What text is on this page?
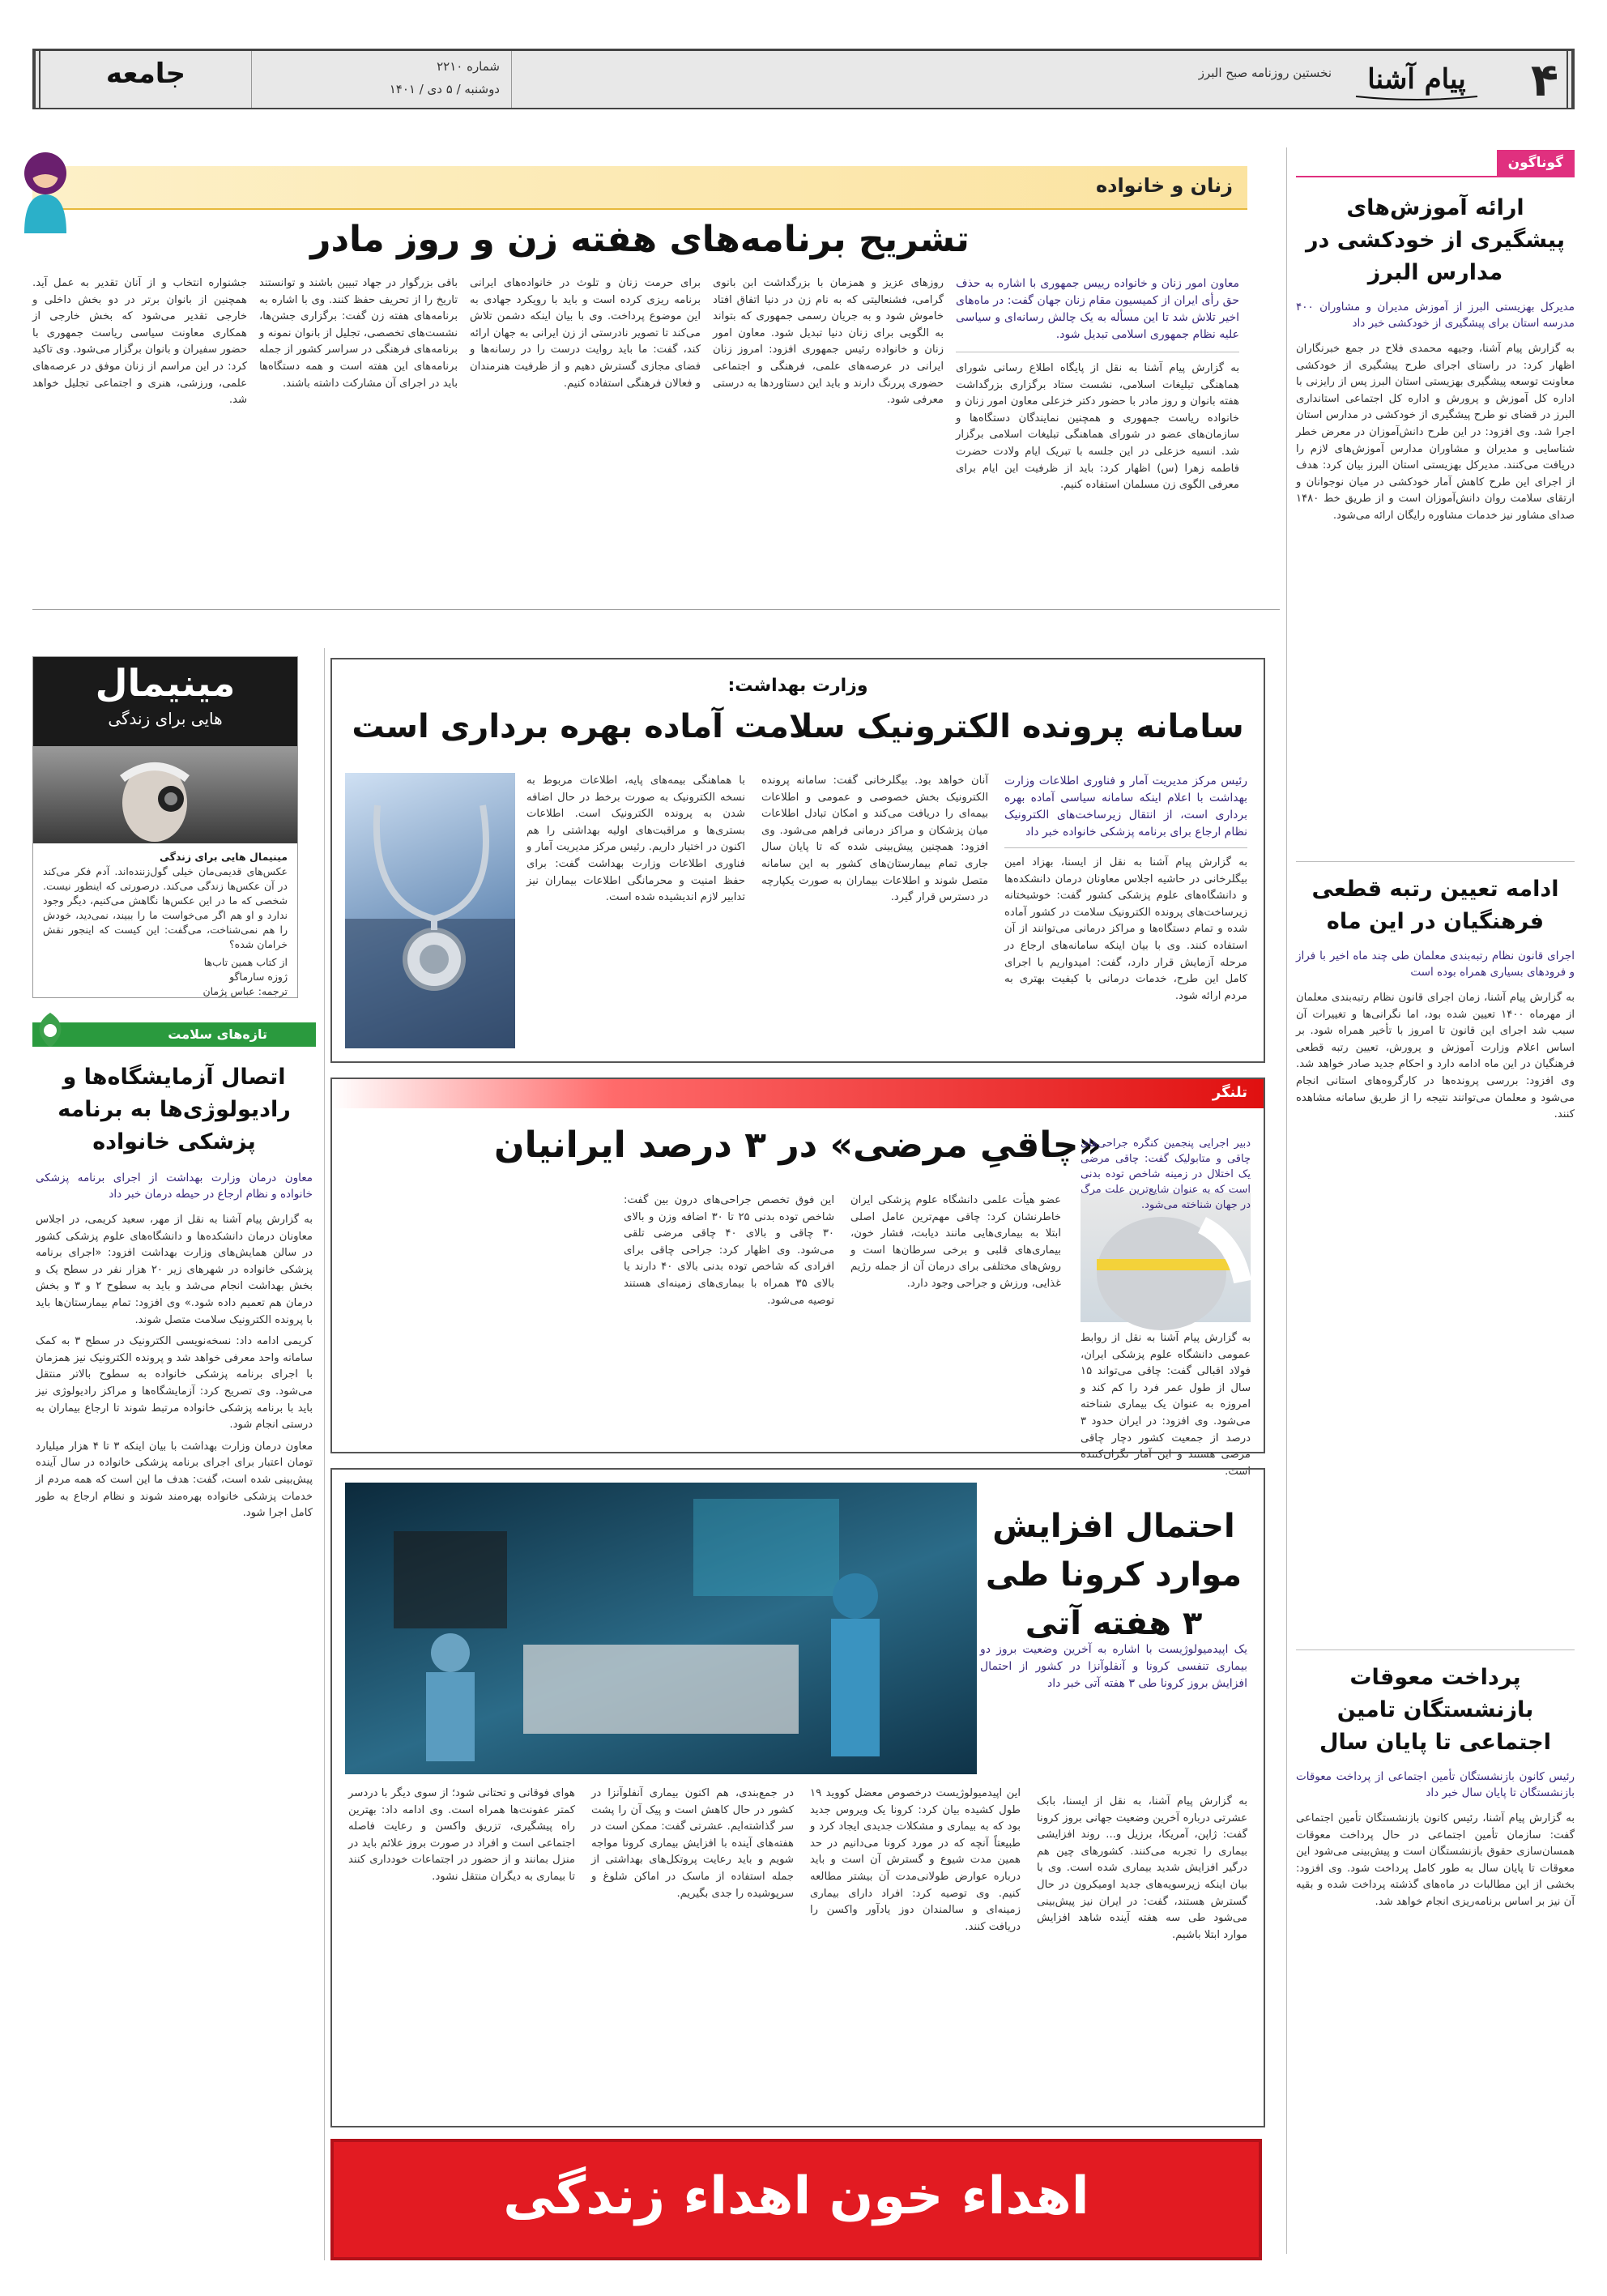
۴
پیام آشنا
نخستین روزنامه صبح البرز
شماره ۲۲۱۰
دوشنبه / ۵ دی / ۱۴۰۱
جامعه
گوناگون
ارائه آموزش‌های پیشگیری از خودکشی در مدارس البرز
مدیرکل بهزیستی البرز از آموزش مدیران و مشاوران ۴۰۰ مدرسه استان برای پیشگیری از خودکشی خبر داد
به گزارش پیام آشنا، وجیهه محمدی فلاح در جمع خبرنگاران اظهار کرد: در راستای اجرای طرح پیشگیری از خودکشی معاونت توسعه پیشگیری بهزیستی استان البرز پس از رایزنی با اداره کل آموزش و پرورش و اداره کل اجتماعی استانداری البرز در قضای نو طرح پیشگیری از خودکشی در مدارس استان اجرا شد. وی افزود: در این طرح دانش‌آموزان در معرض خطر شناسایی و مدیران و مشاوران مدارس آموزش‌های لازم را دریافت می‌کنند. مدیرکل بهزیستی استان البرز بیان کرد: هدف از اجرای این طرح کاهش آمار خودکشی در میان نوجوانان و ارتقای سلامت روان دانش‌آموزان است و از طریق خط ۱۴۸۰ صدای مشاور نیز خدمات مشاوره رایگان ارائه می‌شود.
ادامه تعیین رتبه قطعی فرهنگیان در این ماه
اجرای قانون نظام رتبه‌بندی معلمان طی چند ماه اخیر با فراز و فرودهای بسیاری همراه بوده است
به گزارش پیام آشنا، زمان اجرای قانون نظام رتبه‌بندی معلمان از مهرماه ۱۴۰۰ تعیین شده بود، اما نگرانی‌ها و تغییرات آن سبب شد اجرای این قانون تا امروز با تأخیر همراه شود. بر اساس اعلام وزارت آموزش و پرورش، تعیین رتبه قطعی فرهنگیان در این ماه ادامه دارد و احکام جدید صادر خواهد شد. وی افزود: بررسی پرونده‌ها در کارگروه‌های استانی انجام می‌شود و معلمان می‌توانند نتیجه را از طریق سامانه مشاهده کنند.
پرداخت معوقات بازنشستگان تامین اجتماعی تا پایان سال
رئیس کانون بازنشستگان تأمین اجتماعی از پرداخت معوقات بازنشستگان تا پایان سال خبر داد
به گزارش پیام آشنا، رئیس کانون بازنشستگان تأمین اجتماعی گفت: سازمان تأمین اجتماعی در حال پرداخت معوقات همسان‌سازی حقوق بازنشستگان است و پیش‌بینی می‌شود این معوقات تا پایان سال به طور کامل پرداخت شود. وی افزود: بخشی از این مطالبات در ماه‌های گذشته پرداخت شده و بقیه آن نیز بر اساس برنامه‌ریزی انجام خواهد شد.
زنان و خانواده
تشریح برنامه‌های هفته زن و روز مادر
معاون امور زنان و خانواده رییس جمهوری با اشاره به حذف حق رأی ایران از کمیسیون مقام زنان جهان گفت: در ماه‌های اخیر تلاش شد تا این مسأله به یک چالش رسانه‌ای و سیاسی علیه نظام جمهوری اسلامی تبدیل شود.
به گزارش پیام آشنا به نقل از پایگاه اطلاع رسانی شورای هماهنگی تبلیغات اسلامی، نشست ستاد برگزاری بزرگداشت هفته بانوان و روز مادر با حضور دکتر خزعلی معاون امور زنان و خانواده ریاست جمهوری و همچنین نمایندگان دستگاه‌ها و سازمان‌های عضو در شورای هماهنگی تبلیغات اسلامی برگزار شد. انسیه خزعلی در این جلسه با تبریک ایام ولادت حضرت فاطمه زهرا (س) اظهار کرد: باید از ظرفیت این ایام برای معرفی الگوی زن مسلمان استفاده کنیم.
روزهای عزیز و همزمان با بزرگداشت ابن بانوی گرامی، فشنعالیتی که به نام زن در دنیا اتفاق افتاد خاموش شود و به جریان رسمی جمهوری که بتواند به الگویی برای زنان دنیا تبدیل شود. معاون امور زنان و خانواده رئیس جمهوری افزود: امروز زنان ایرانی در عرصه‌های علمی، فرهنگی و اجتماعی حضوری پررنگ دارند و باید این دستاوردها به درستی معرفی شود.
برای حرمت زنان و تلوث در خانواده‌های ایرانی برنامه ریزی کرده است و باید با رویکرد جهادی به این موضوع پرداخت. وی با بیان اینکه دشمن تلاش می‌کند تا تصویر نادرستی از زن ایرانی به جهان ارائه کند، گفت: ما باید روایت درست را در رسانه‌ها و فضای مجازی گسترش دهیم و از ظرفیت هنرمندان و فعالان فرهنگی استفاده کنیم.
باقی بزرگوار در جهاد تبیین باشند و توانستند تاریخ را از تحریف حفظ کنند. وی با اشاره به برنامه‌های هفته زن گفت: برگزاری جشن‌ها، نشست‌های تخصصی، تجلیل از بانوان نمونه و برنامه‌های فرهنگی در سراسر کشور از جمله برنامه‌های این هفته است و همه دستگاه‌ها باید در اجرای آن مشارکت داشته باشند.
جشنواره انتخاب و از آنان تقدیر به عمل آید. همچنین از بانوان برتر در دو بخش داخلی و خارجی تقدیر می‌شود که بخش خارجی از همکاری معاونت سیاسی ریاست جمهوری با حضور سفیران و بانوان برگزار می‌شود. وی تاکید کرد: در این مراسم از زنان موفق در عرصه‌های علمی، ورزشی، هنری و اجتماعی تجلیل خواهد شد.
مینیمال
هایی برای زندگی
مینیمال هایی برای زندگی
عکس‌های قدیمی‌مان خیلی گول‌زننده‌اند. آدم فکر می‌کند در آن عکس‌ها زندگی می‌کند. درصورتی که اینطور نیست. شخصی که ما در این عکس‌ها نگاهش می‌کنیم، دیگر وجود ندارد و او هم اگر می‌خواست ما را ببیند، نمی‌دید، خودش را هم نمی‌شناخت، می‌گفت: این کیست که اینجور نقش خرامان شده؟
از کتاب همین تاب‌ها
ژوزه سارماگو
ترجمه: عباس پژمان
تازه‌های سلامت
اتصال آزمایشگاه‌ها و رادیولوژی‌ها به برنامه پزشکی خانواده
معاون درمان وزارت بهداشت از اجرای برنامه پزشکی خانواده و نظام ارجاع در حیطه درمان خبر داد

به گزارش پیام آشنا به نقل از مهر، سعید کریمی، در اجلاس معاونان درمان دانشکده‌ها و دانشگاه‌های علوم پزشکی کشور در سالن همایش‌های وزارت بهداشت افزود: «اجرای برنامه پزشکی خانواده در شهرهای زیر ۲۰ هزار نفر در سطح یک و بخش بهداشت انجام می‌شد و باید به سطوح ۲ و ۳ و بخش درمان هم تعمیم داده شود.» وی افزود: تمام بیمارستان‌ها باید با پرونده الکترونیک سلامت متصل شوند.

کریمی ادامه داد: نسخه‌نویسی الکترونیک در سطح ۳ به کمک سامانه واحد معرفی خواهد شد و پرونده الکترونیک نیز همزمان با اجرای برنامه پزشکی خانواده به سطوح بالاتر منتقل می‌شود. وی تصریح کرد: آزمایشگاه‌ها و مراکز رادیولوژی نیز باید با برنامه پزشکی خانواده مرتبط شوند تا ارجاع بیماران به درستی انجام شود.

معاون درمان وزارت بهداشت با بیان اینکه ۳ تا ۴ هزار میلیارد تومان اعتبار برای اجرای برنامه پزشکی خانواده در سال آینده پیش‌بینی شده است، گفت: هدف ما این است که همه مردم از خدمات پزشکی خانواده بهره‌مند شوند و نظام ارجاع به طور کامل اجرا شود.

وزارت بهداشت:
سامانه پرونده الکترونیک سلامت آماده بهره برداری است
رئیس مرکز مدیریت آمار و فناوری اطلاعات وزارت بهداشت با اعلام اینکه سامانه سیاسی آماده بهره برداری است، از انتقال زیرساخت‌های الکترونیک نظام ارجاع برای برنامه پزشکی خانواده خبر داد
به گزارش پیام آشنا به نقل از ایسنا، بهزاد امین بیگلرخانی در حاشیه اجلاس معاونان درمان دانشکده‌ها و دانشگاه‌های علوم پزشکی کشور گفت: خوشبختانه زیرساخت‌های پرونده الکترونیک سلامت در کشور آماده شده و تمام دستگاه‌ها و مراکز درمانی می‌توانند از آن استفاده کنند. وی با بیان اینکه سامانه‌های ارجاع در مرحله آزمایش قرار دارد، گفت: امیدواریم با اجرای کامل این طرح، خدمات درمانی با کیفیت بهتری به مردم ارائه شود.
آنان خواهد بود. بیگلرخانی گفت: سامانه پرونده الکترونیک بخش خصوصی و عمومی و اطلاعات بیمه‌ای را دریافت می‌کند و امکان تبادل اطلاعات میان پزشکان و مراکز درمانی فراهم می‌شود. وی افزود: همچنین پیش‌بینی شده که تا پایان سال جاری تمام بیمارستان‌های کشور به این سامانه متصل شوند و اطلاعات بیماران به صورت یکپارچه در دسترس قرار گیرد.
با هماهنگی بیمه‌های پایه، اطلاعات مربوط به نسخه الکترونیک به صورت برخط در حال اضافه شدن به پرونده الکترونیک است. اطلاعات بستری‌ها و مراقبت‌های اولیه بهداشتی را هم اکنون در اختیار داریم. رئیس مرکز مدیریت آمار و فناوری اطلاعات وزارت بهداشت گفت: برای حفظ امنیت و محرمانگی اطلاعات بیماران نیز تدابیر لازم اندیشیده شده است.
تلنگر
«چاقیِ مرضی» در ۳ درصد ایرانیان
دبیر اجرایی پنجمین کنگره جراحی‌های چاقی و متابولیک گفت: چاقی مرضی یک اختلال در زمینه شاخص توده بدنی است که به عنوان شایع‌ترین علت مرگ در جهان شناخته می‌شود.
به گزارش پیام آشنا به نقل از روابط عمومی دانشگاه علوم پزشکی ایران، فولاد اقبالی گفت: چاقی می‌تواند ۱۵ سال از طول عمر فرد را کم کند و امروزه به عنوان یک بیماری شناخته می‌شود. وی افزود: در ایران حدود ۳ درصد از جمعیت کشور دچار چاقی مرضی هستند و این آمار نگران‌کننده است.
عضو هیأت علمی دانشگاه علوم پزشکی ایران خاطرنشان کرد: چاقی مهم‌ترین عامل اصلی ابتلا به بیماری‌هایی مانند دیابت، فشار خون، بیماری‌های قلبی و برخی سرطان‌ها است و روش‌های مختلفی برای درمان آن از جمله رژیم غذایی، ورزش و جراحی وجود دارد.
این فوق تخصص جراحی‌های درون بین گفت: شاخص توده بدنی ۲۵ تا ۳۰ اضافه وزن و بالای ۳۰ چاقی و بالای ۴۰ چاقی مرضی تلقی می‌شود. وی اظهار کرد: جراحی چاقی برای افرادی که شاخص توده بدنی بالای ۴۰ دارند یا بالای ۳۵ همراه با بیماری‌های زمینه‌ای هستند توصیه می‌شود.
احتمال افزایش موارد کرونا طی ۳ هفته آتی
یک اپیدمیولوژیست با اشاره به آخرین وضعیت بروز دو بیماری تنفسی کرونا و آنفلوآنزا در کشور از احتمال افزایش بروز کرونا طی ۳ هفته آتی خبر داد
به گزارش پیام آشنا، به نقل از ایسنا، بابک عشرتی درباره آخرین وضعیت جهانی بروز کرونا گفت: ژاپن، آمریکا، برزیل و... روند افزایشی بیماری را تجربه می‌کنند. کشورهای چین هم درگیر افزایش شدید بیماری شده است. وی با بیان اینکه زیرسویه‌های جدید اومیکرون در حال گسترش هستند، گفت: در ایران نیز پیش‌بینی می‌شود طی سه هفته آینده شاهد افزایش موارد ابتلا باشیم.
این اپیدمیولوژیست درخصوص معضل کووید ۱۹ طول کشیده بیان کرد: کرونا یک ویروس جدید بود که به بیماری و مشکلات جدیدی ایجاد کرد و طبیعتاً آنچه که در مورد کرونا می‌دانیم در حد همین مدت شیوع و گسترش آن است و باید درباره عوارض طولانی‌مدت آن بیشتر مطالعه کنیم. وی توصیه کرد: افراد دارای بیماری زمینه‌ای و سالمندان دوز یادآور واکسن را دریافت کنند.
در جمع‌بندی، هم اکنون بیماری آنفلوآنزا در کشور در حال کاهش است و پیک آن را پشت سر گذاشته‌ایم. عشرتی گفت: ممکن است در هفته‌های آینده با افزایش بیماری کرونا مواجه شویم و باید رعایت پروتکل‌های بهداشتی از جمله استفاده از ماسک در اماکن شلوغ و سرپوشیده را جدی بگیریم.
هوای فوقانی و تحتانی شود؛ از سوی دیگر با دردسر کمتر عفونت‌ها همراه است. وی ادامه داد: بهترین راه پیشگیری، تزریق واکسن و رعایت فاصله اجتماعی است و افراد در صورت بروز علائم باید در منزل بمانند و از حضور در اجتماعات خودداری کنند تا بیماری به دیگران منتقل نشود.
اهداء خون اهداء زندگی
